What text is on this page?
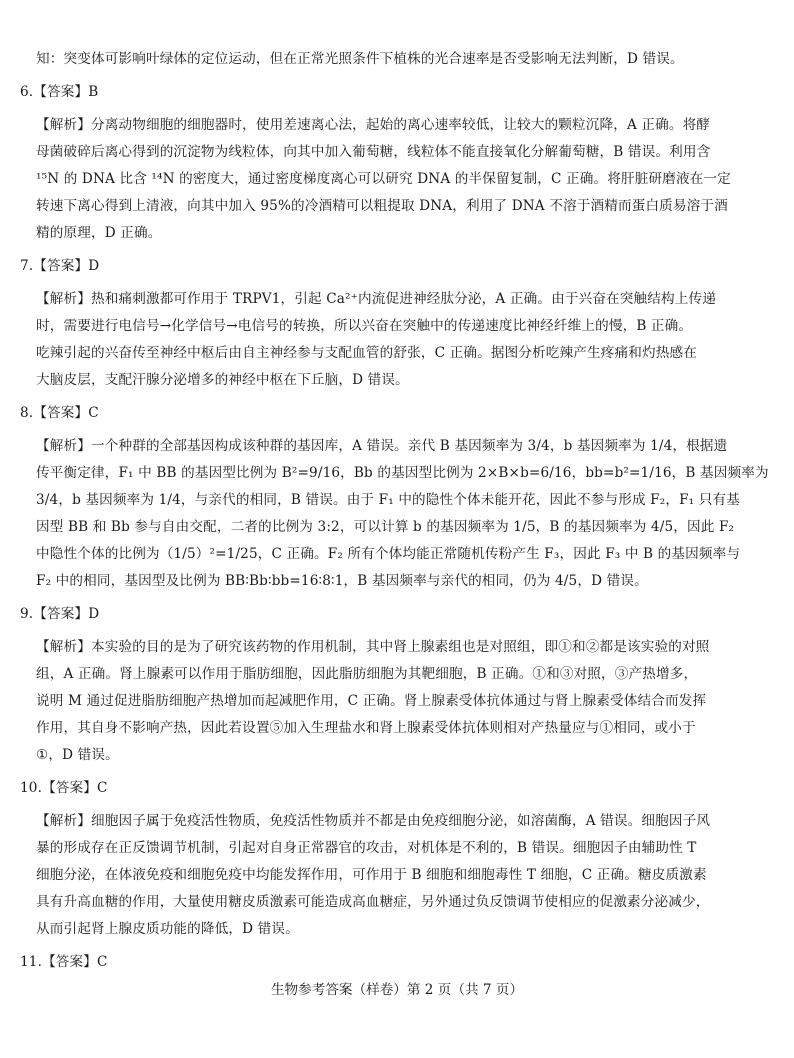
知：突变体可影响叶绿体的定位运动，但在正常光照条件下植株的光合速率是否受影响无法判断，D 错误。
6.【答案】B
【解析】分离动物细胞的细胞器时，使用差速离心法，起始的离心速率较低，让较大的颗粒沉降，A 正确。将酵
母菌破碎后离心得到的沉淀物为线粒体，向其中加入葡萄糖，线粒体不能直接氧化分解葡萄糖，B 错误。利用含
¹⁵N 的 DNA 比含 ¹⁴N 的密度大，通过密度梯度离心可以研究 DNA 的半保留复制，C 正确。将肝脏研磨液在一定
转速下离心得到上清液，向其中加入 95%的冷酒精可以粗提取 DNA，利用了 DNA 不溶于酒精而蛋白质易溶于酒
精的原理，D 正确。
7.【答案】D
【解析】热和痛刺激都可作用于 TRPV1，引起 Ca²⁺内流促进神经肽分泌，A 正确。由于兴奋在突触结构上传递
时，需要进行电信号→化学信号→电信号的转换，所以兴奋在突触中的传递速度比神经纤维上的慢，B 正确。
吃辣引起的兴奋传至神经中枢后由自主神经参与支配血管的舒张，C 正确。据图分析吃辣产生疼痛和灼热感在
大脑皮层，支配汗腺分泌增多的神经中枢在下丘脑，D 错误。
8.【答案】C
【解析】一个种群的全部基因构成该种群的基因库，A 错误。亲代 B 基因频率为 3/4，b 基因频率为 1/4，根据遗
传平衡定律，F₁ 中 BB 的基因型比例为 B²=9/16，Bb 的基因型比例为 2×B×b=6/16，bb=b²=1/16，B 基因频率为
3/4，b 基因频率为 1/4，与亲代的相同，B 错误。由于 F₁ 中的隐性个体未能开花，因此不参与形成 F₂，F₁ 只有基
因型 BB 和 Bb 参与自由交配，二者的比例为 3:2，可以计算 b 的基因频率为 1/5，B 的基因频率为 4/5，因此 F₂
中隐性个体的比例为（1/5）²=1/25，C 正确。F₂ 所有个体均能正常随机传粉产生 F₃，因此 F₃ 中 B 的基因频率与
F₂ 中的相同，基因型及比例为 BB∶Bb∶bb=16∶8∶1，B 基因频率与亲代的相同，仍为 4/5，D 错误。
9.【答案】D
【解析】本实验的目的是为了研究该药物的作用机制，其中肾上腺素组也是对照组，即①和②都是该实验的对照
组，A 正确。肾上腺素可以作用于脂肪细胞，因此脂肪细胞为其靶细胞，B 正确。①和③对照，③产热增多，
说明 M 通过促进脂肪细胞产热增加而起减肥作用，C 正确。肾上腺素受体抗体通过与肾上腺素受体结合而发挥
作用，其自身不影响产热，因此若设置⑤加入生理盐水和肾上腺素受体抗体则相对产热量应与①相同，或小于
①，D 错误。
10.【答案】C
【解析】细胞因子属于免疫活性物质，免疫活性物质并不都是由免疫细胞分泌，如溶菌酶，A 错误。细胞因子风
暴的形成存在正反馈调节机制，引起对自身正常器官的攻击，对机体是不利的，B 错误。细胞因子由辅助性 T
细胞分泌，在体液免疫和细胞免疫中均能发挥作用，可作用于 B 细胞和细胞毒性 T 细胞，C 正确。糖皮质激素
具有升高血糖的作用，大量使用糖皮质激素可能造成高血糖症，另外通过负反馈调节使相应的促激素分泌减少，
从而引起肾上腺皮质功能的降低，D 错误。
11.【答案】C
生物参考答案（样卷）第 2 页（共 7 页）
